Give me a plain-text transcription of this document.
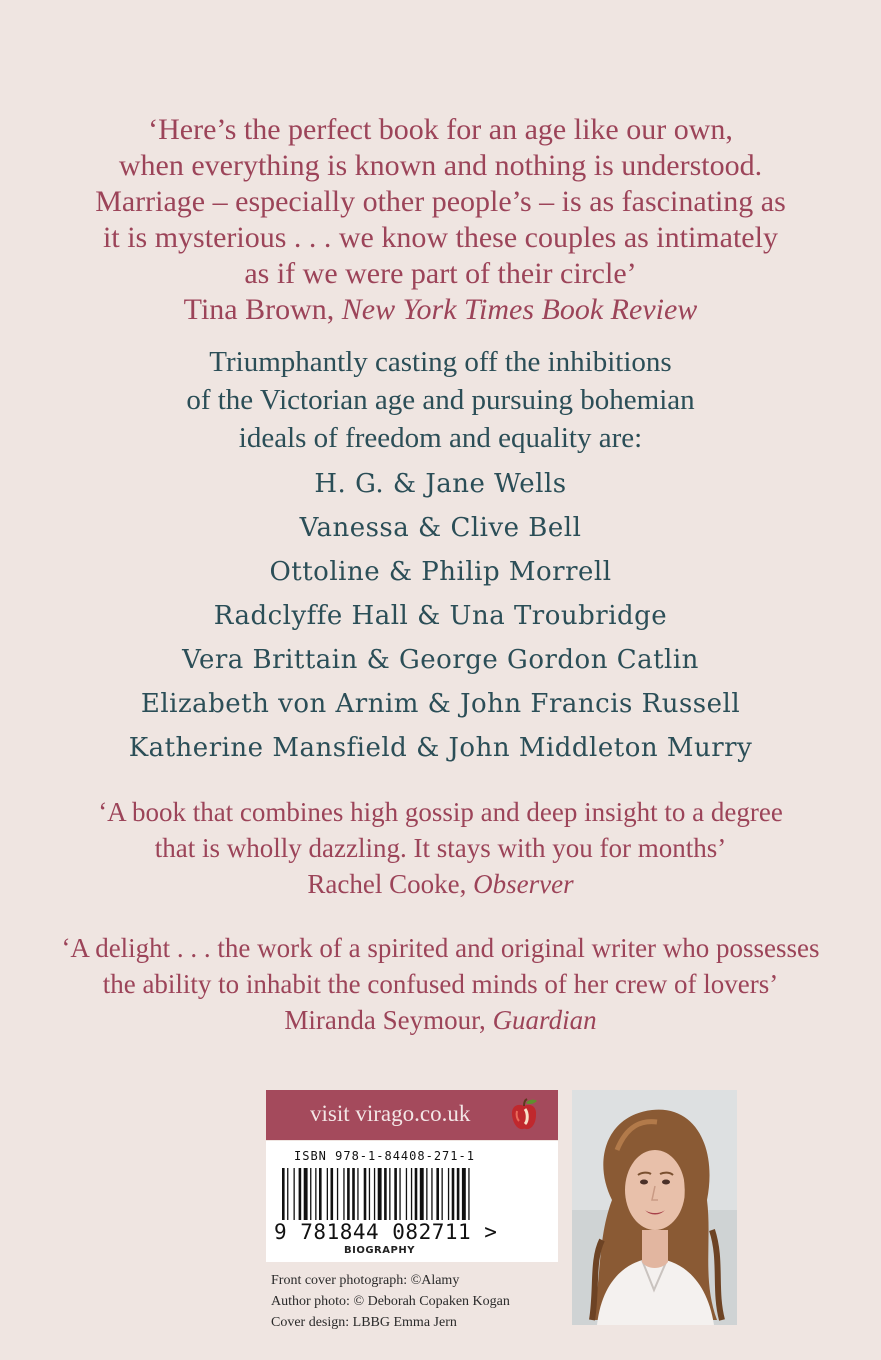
‘Here’s the perfect book for an age like our own,
when everything is known and nothing is understood.
Marriage – especially other people’s – is as fascinating as
it is mysterious . . . we know these couples as intimately
as if we were part of their circle’
Tina Brown, New York Times Book Review
Triumphantly casting off the inhibitions
of the Victorian age and pursuing bohemian
ideals of freedom and equality are:
H. G. & Jane Wells
Vanessa & Clive Bell
Ottoline & Philip Morrell
Radclyffe Hall & Una Troubridge
Vera Brittain & George Gordon Catlin
Elizabeth von Arnim & John Francis Russell
Katherine Mansfield & John Middleton Murry
‘A book that combines high gossip and deep insight to a degree
that is wholly dazzling. It stays with you for months’
Rachel Cooke, Observer
‘A delight . . . the work of a spirited and original writer who possesses
the ability to inhabit the confused minds of her crew of lovers’
Miranda Seymour, Guardian
visit virago.co.uk
ISBN 978-1-84408-271-1
9 781844 082711 >
BIOGRAPHY
Front cover photograph: ©Alamy
Author photo: © Deborah Copaken Kogan
Cover design: LBBG Emma Jern
